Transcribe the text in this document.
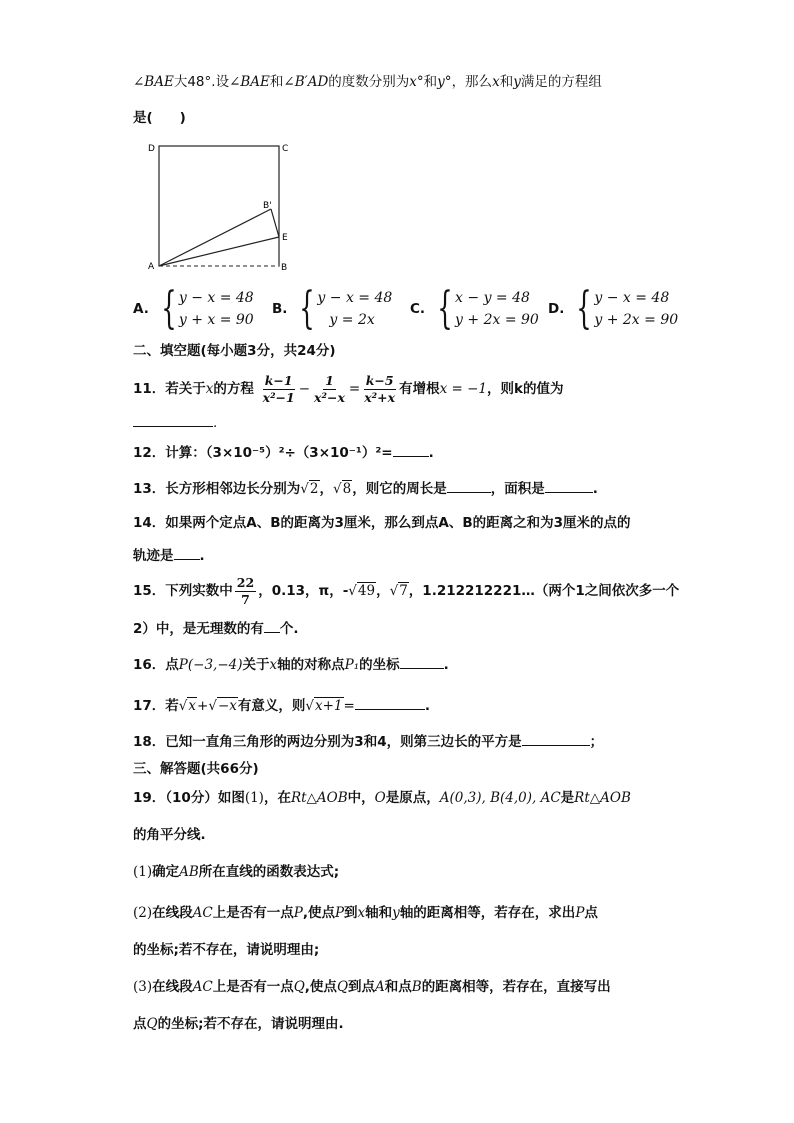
∠BAE大48°.设∠BAE和∠B′AD的度数分别为x°和y°，那么x和y满足的方程组
是(　　)
D	C
B'
E
A	B
A. { y − x = 48
y + x = 90
B. { y − x = 48
y = 2x
C. { x − y = 48
y + 2x = 90
D. { y − x = 48
y + 2x = 90
二、填空题(每小题3分，共24分)
11．若关于x的方程 $\frac{k-1}{\text{x²−1}} - \frac{1}{\text{x²−x}} = \frac{k-5}{\text{x²+x}}$ 有增根x = −1，则k的值为
.
12．计算：（3×10⁻⁵）²÷（3×10⁻¹）²=	.
13．长方形相邻边长分别为√2，√8，则它的周长是	，面积是	.
14．如果两个定点A、B的距离为3厘米，那么到点A、B的距离之和为3厘米的点的
轨迹是 .
15．下列实数中 $\frac{22}{7}$ ，0.13，π，-√49，√7，1.212212221…（两个1之间依次多一个
2）中，是无理数的有 个.
16．点P(−3,−4)关于x轴的对称点P₁的坐标	.
17．若√x+√−x有意义，则√x+1=	.
18．已知一直角三角形的两边分别为3和4，则第三边长的平方是	；
三、解答题(共66分)
19．（10分）如图(1)，在Rt△AOB中，O是原点，A(0,3), B(4,0), AC是Rt△AOB
的角平分线.
(1)确定AB所在直线的函数表达式;
(2)在线段AC上是否有一点P,使点P到x轴和y轴的距离相等，若存在，求出P点
的坐标;若不存在，请说明理由;
(3)在线段AC上是否有一点Q,使点Q到点A和点B的距离相等，若存在，直接写出
点Q的坐标;若不存在，请说明理由.
